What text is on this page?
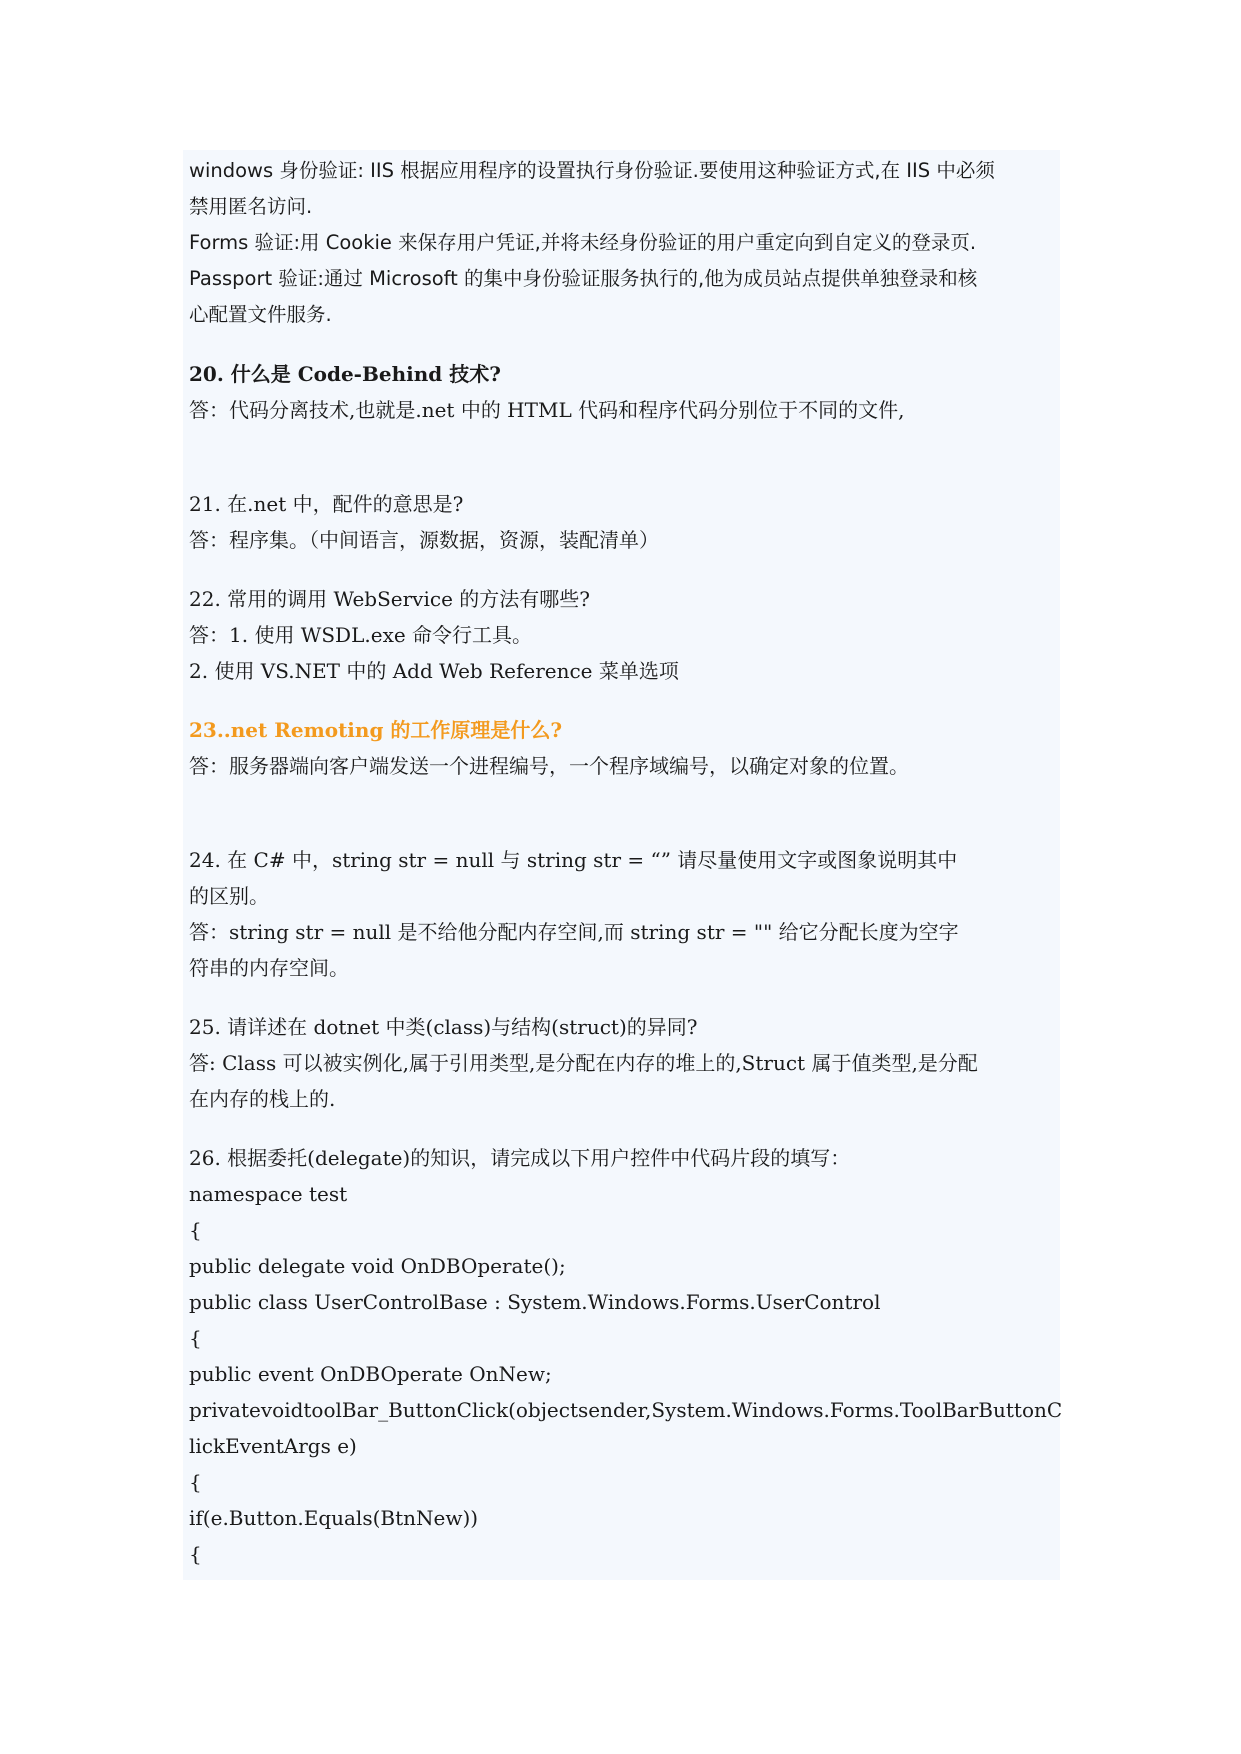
windows 身份验证: IIS 根据应用程序的设置执行身份验证.要使用这种验证方式,在 IIS 中必须
禁用匿名访问.
Forms 验证:用 Cookie 来保存用户凭证,并将未经身份验证的用户重定向到自定义的登录页.
Passport 验证:通过 Microsoft 的集中身份验证服务执行的,他为成员站点提供单独登录和核
心配置文件服务.
20. 什么是 Code-Behind 技术?
答：代码分离技术,也就是.net 中的 HTML 代码和程序代码分别位于不同的文件,
21. 在.net 中，配件的意思是?
答：程序集。（中间语言，源数据，资源，装配清单）
22. 常用的调用 WebService 的方法有哪些?
答：1. 使用 WSDL.exe 命令行工具。
2. 使用 VS.NET 中的 Add Web Reference 菜单选项
23..net Remoting 的工作原理是什么?
答：服务器端向客户端发送一个进程编号，一个程序域编号，以确定对象的位置。
24. 在 C# 中，string str = null 与 string str = “” 请尽量使用文字或图象说明其中
的区别。
答：string str = null 是不给他分配内存空间,而 string str = "" 给它分配长度为空字
符串的内存空间。
25. 请详述在 dotnet 中类(class)与结构(struct)的异同?
答: Class 可以被实例化,属于引用类型,是分配在内存的堆上的,Struct 属于值类型,是分配
在内存的栈上的.
26. 根据委托(delegate)的知识，请完成以下用户控件中代码片段的填写：
namespace test
{
public delegate void OnDBOperate();
public class UserControlBase : System.Windows.Forms.UserControl
{
public event OnDBOperate OnNew;
privatevoidtoolBar_ButtonClick(objectsender,System.Windows.Forms.ToolBarButtonC
lickEventArgs e)
{
if(e.Button.Equals(BtnNew))
{
